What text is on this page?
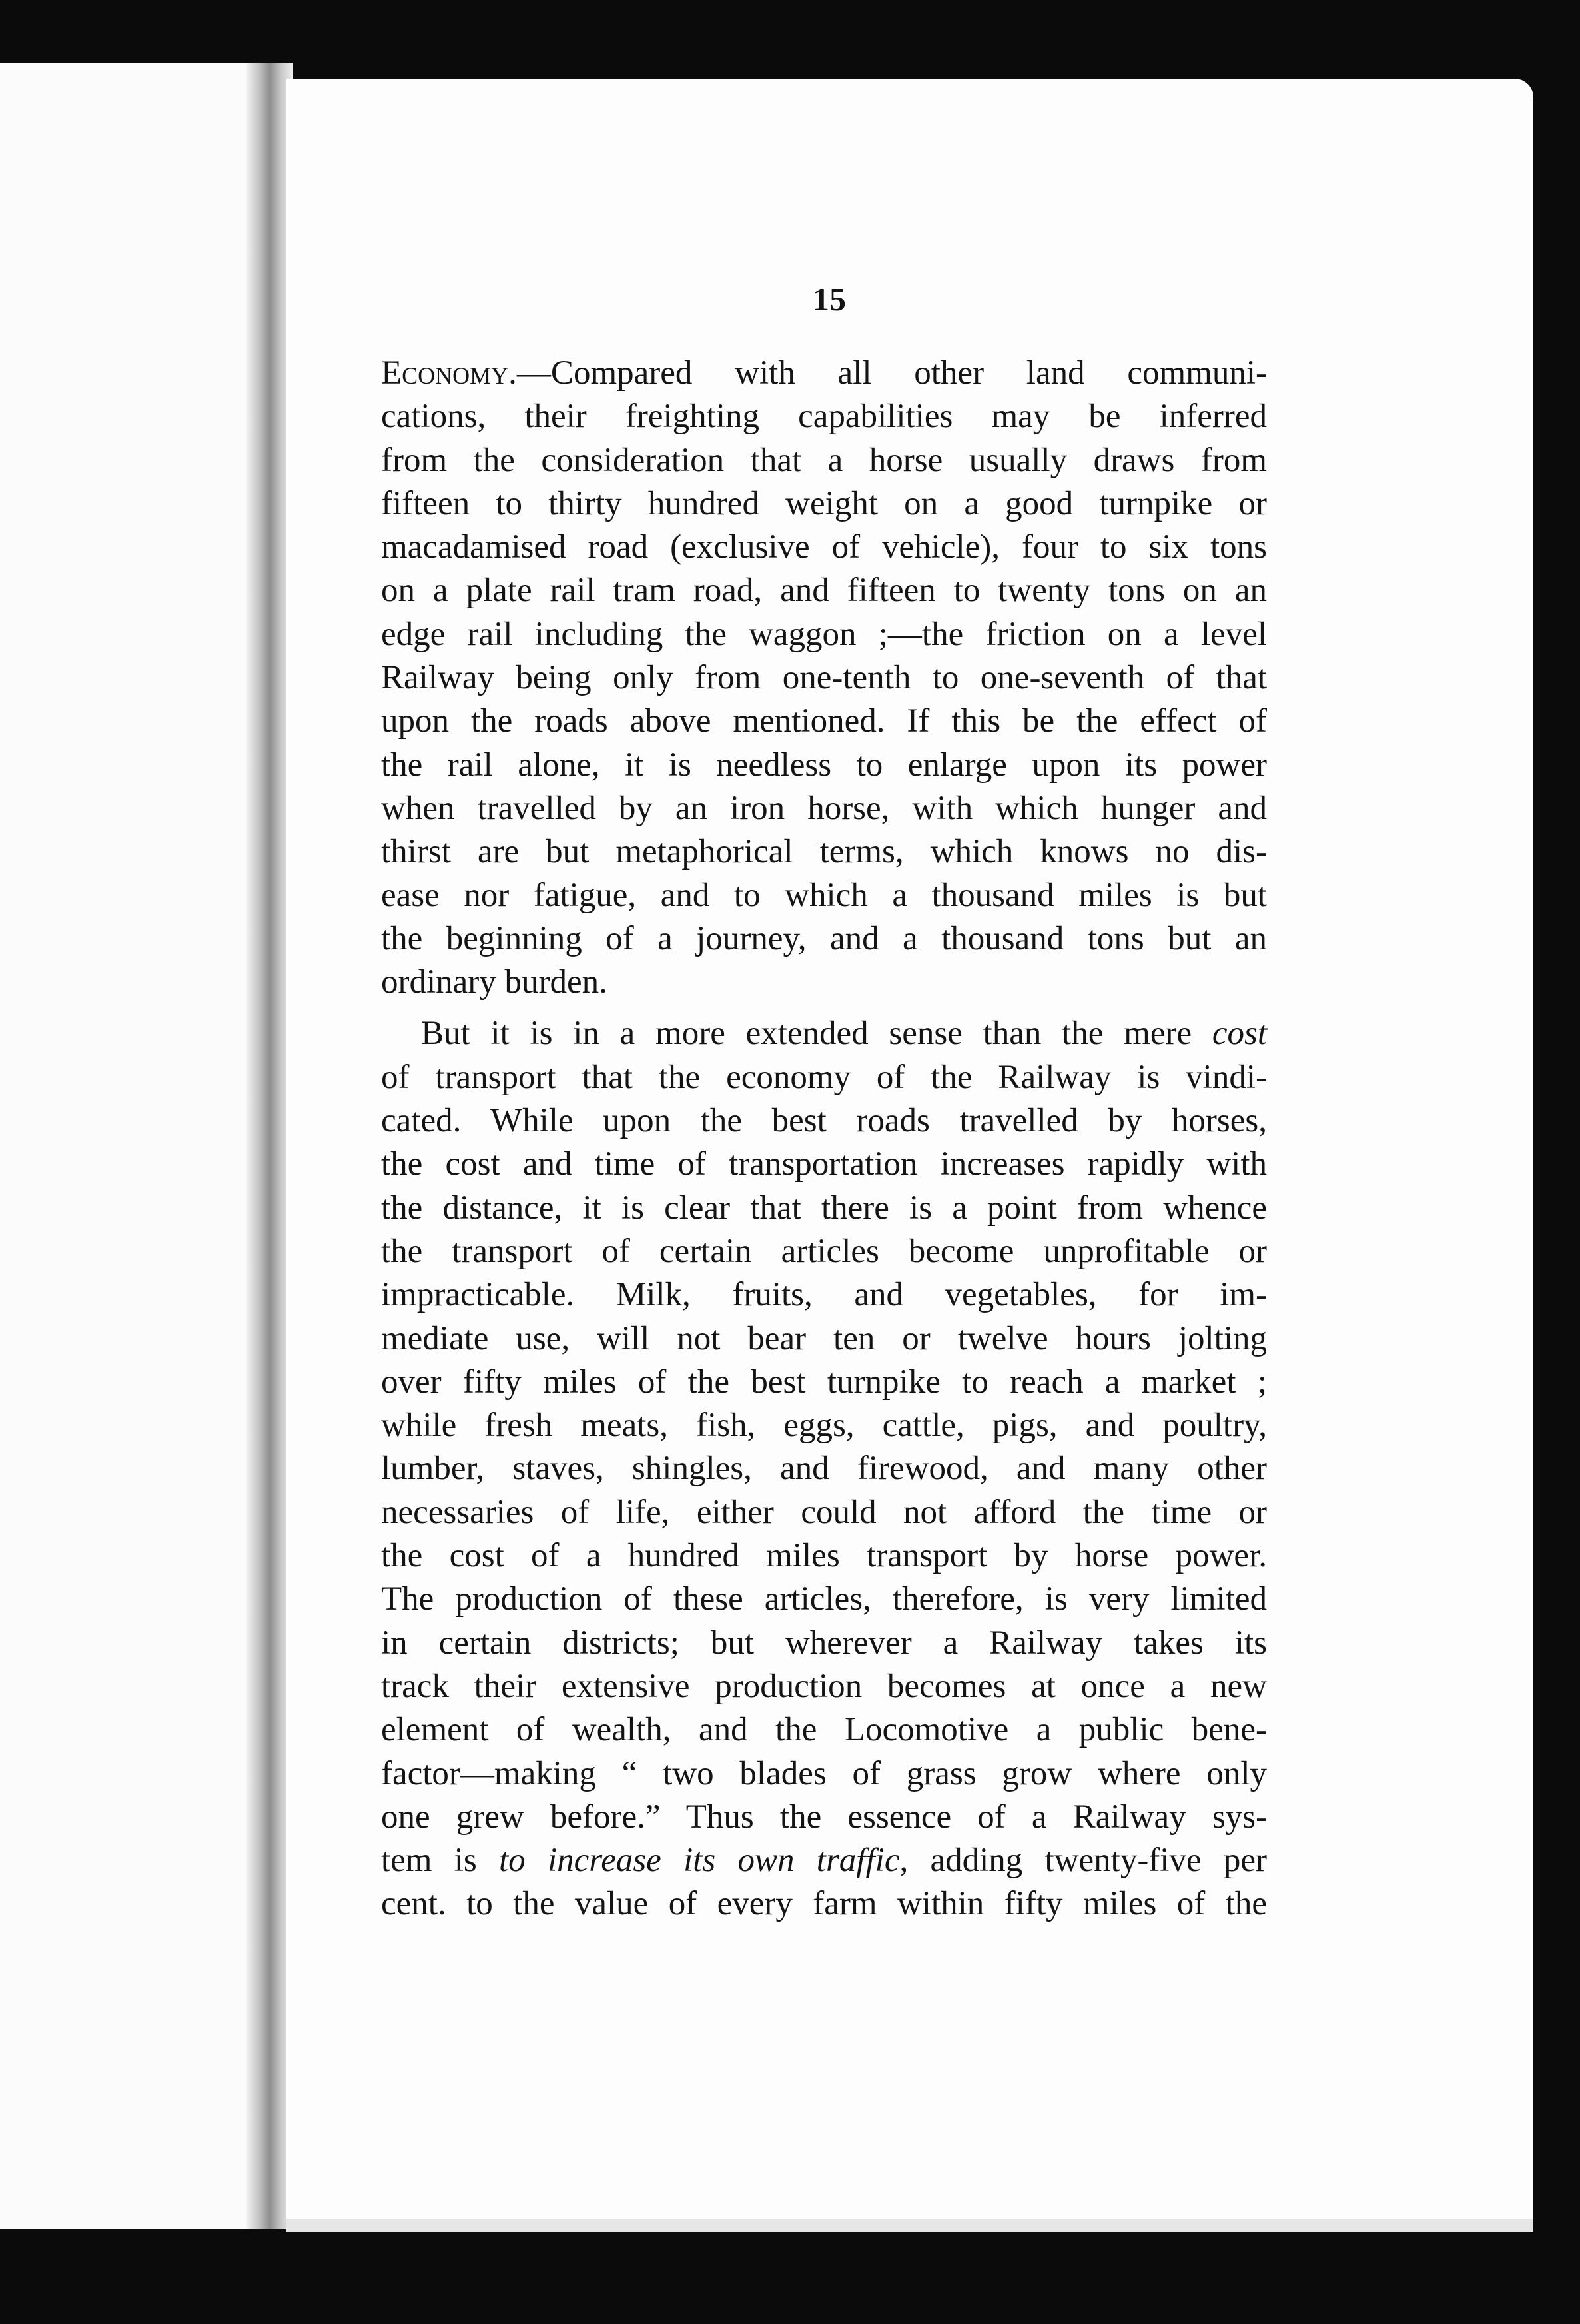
15
Economy.—Compared with all other land communi-
cations, their freighting capabilities may be inferred
from the consideration that a horse usually draws from
fifteen to thirty hundred weight on a good turnpike or
macadamised road (exclusive of vehicle), four to six tons
on a plate rail tram road, and fifteen to twenty tons on an
edge rail including the waggon ;—the friction on a level
Railway being only from one-tenth to one-seventh of that
upon the roads above mentioned. If this be the effect of
the rail alone, it is needless to enlarge upon its power
when travelled by an iron horse, with which hunger and
thirst are but metaphorical terms, which knows no dis-
ease nor fatigue, and to which a thousand miles is but
the beginning of a journey, and a thousand tons but an
ordinary burden.
But it is in a more extended sense than the mere cost
of transport that the economy of the Railway is vindi-
cated. While upon the best roads travelled by horses,
the cost and time of transportation increases rapidly with
the distance, it is clear that there is a point from whence
the transport of certain articles become unprofitable or
impracticable. Milk, fruits, and vegetables, for im-
mediate use, will not bear ten or twelve hours jolting
over fifty miles of the best turnpike to reach a market ;
while fresh meats, fish, eggs, cattle, pigs, and poultry,
lumber, staves, shingles, and firewood, and many other
necessaries of life, either could not afford the time or
the cost of a hundred miles transport by horse power.
The production of these articles, therefore, is very limited
in certain districts; but wherever a Railway takes its
track their extensive production becomes at once a new
element of wealth, and the Locomotive a public bene-
factor—making “ two blades of grass grow where only
one grew before.” Thus the essence of a Railway sys-
tem is to increase its own traffic, adding twenty-five per
cent. to the value of every farm within fifty miles of the
